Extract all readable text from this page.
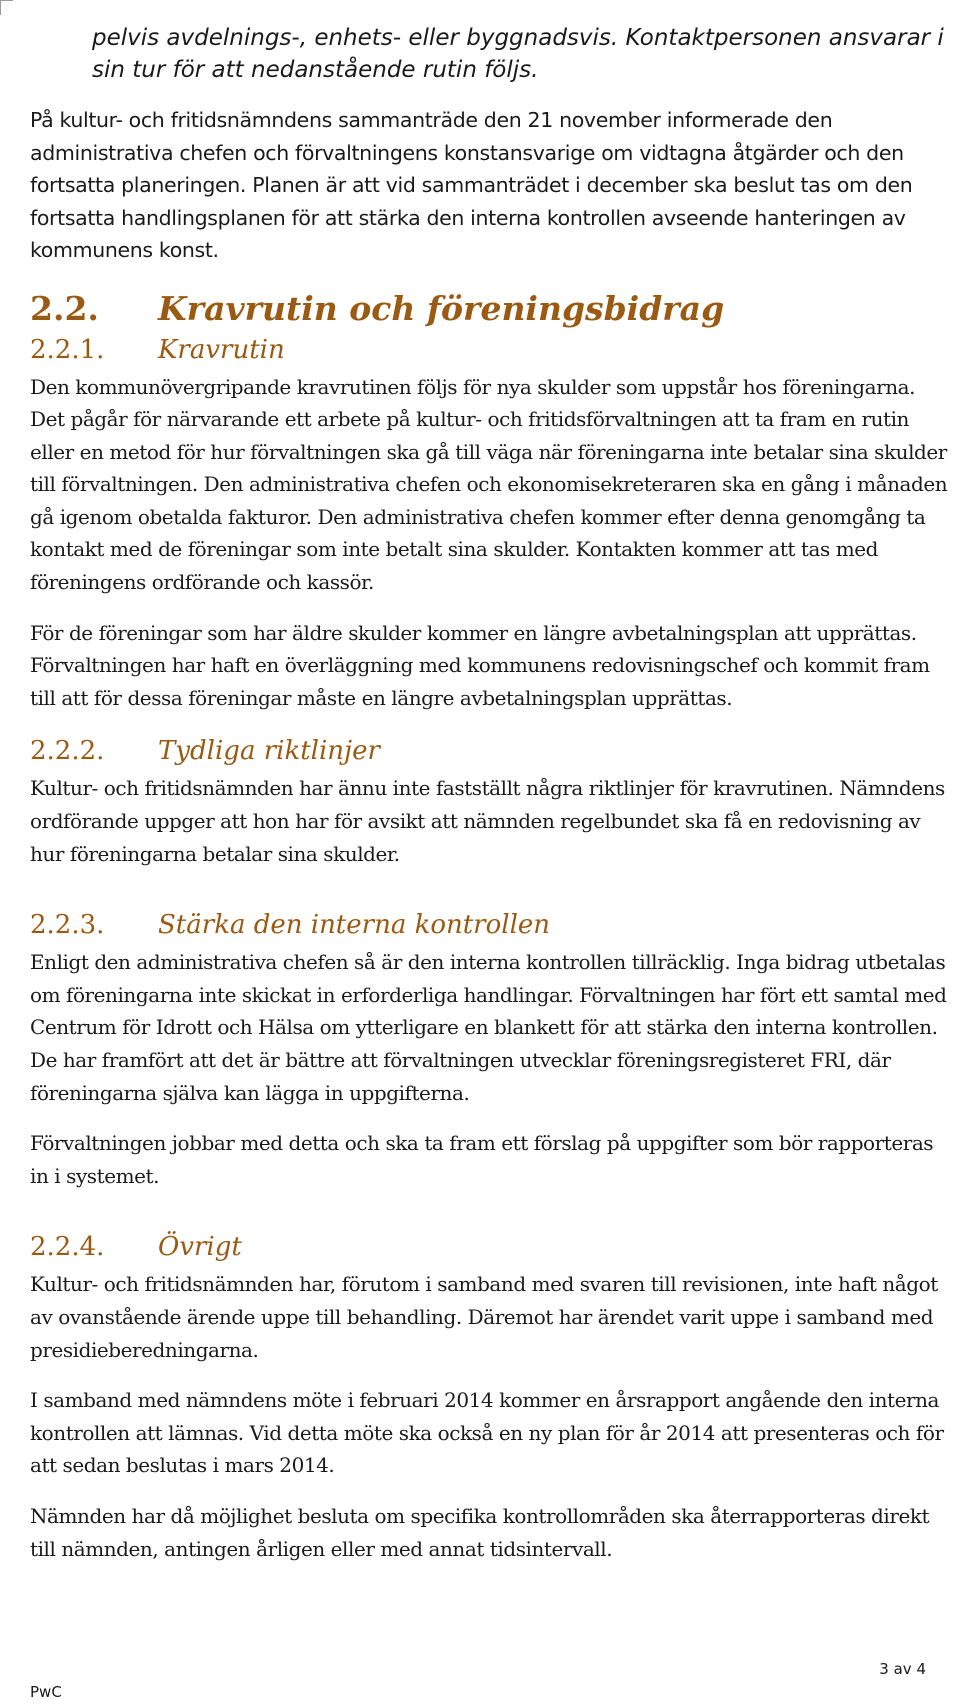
pelvis avdelnings-, enhets- eller byggnadsvis. Kontaktpersonen ansvarar i sin tur för att nedanstående rutin följs.

På kultur- och fritidsnämndens sammanträde den 21 november informerade den administrativa chefen och förvaltningens konstansvarige om vidtagna åtgärder och den fortsatta planeringen. Planen är att vid sammanträdet i december ska beslut tas om den fortsatta handlingsplanen för att stärka den interna kontrollen avseende hanteringen av kommunens konst.

2.2.	Kravrutin och föreningsbidrag
2.2.1.	Kravrutin

Den kommunövergripande kravrutinen följs för nya skulder som uppstår hos föreningarna. Det pågår för närvarande ett arbete på kultur- och fritidsförvaltningen att ta fram en rutin eller en metod för hur förvaltningen ska gå till väga när föreningarna inte betalar sina skulder till förvaltningen. Den administrativa chefen och ekonomisekreteraren ska en gång i månaden gå igenom obetalda fakturor. Den administrativa chefen kommer efter denna genomgång ta kontakt med de föreningar som inte betalt sina skulder. Kontakten kommer att tas med föreningens ordförande och kassör.

För de föreningar som har äldre skulder kommer en längre avbetalningsplan att upprättas. Förvaltningen har haft en överläggning med kommunens redovisningschef och kommit fram till att för dessa föreningar måste en längre avbetalningsplan upprättas.

2.2.2.	Tydliga riktlinjer

Kultur- och fritidsnämnden har ännu inte fastställt några riktlinjer för kravrutinen. Nämndens ordförande uppger att hon har för avsikt att nämnden regelbundet ska få en redovisning av hur föreningarna betalar sina skulder.

2.2.3.	Stärka den interna kontrollen

Enligt den administrativa chefen så är den interna kontrollen tillräcklig. Inga bidrag utbetalas om föreningarna inte skickat in erforderliga handlingar. Förvaltningen har fört ett samtal med Centrum för Idrott och Hälsa om ytterligare en blankett för att stärka den interna kontrollen. De har framfört att det är bättre att förvaltningen utvecklar föreningsregisteret FRI, där föreningarna själva kan lägga in uppgifterna.

Förvaltningen jobbar med detta och ska ta fram ett förslag på uppgifter som bör rapporteras in i systemet.

2.2.4.	Övrigt

Kultur- och fritidsnämnden har, förutom i samband med svaren till revisionen, inte haft något av ovanstående ärende uppe till behandling. Däremot har ärendet varit uppe i samband med presidieberedningarna.

I samband med nämndens möte i februari 2014 kommer en årsrapport angående den interna kontrollen att lämnas. Vid detta möte ska också en ny plan för år 2014 att presenteras och för att sedan beslutas i mars 2014.

Nämnden har då möjlighet besluta om specifika kontrollområden ska återrapporteras direkt till nämnden, antingen årligen eller med annat tidsintervall.

3 av 4
PwC
